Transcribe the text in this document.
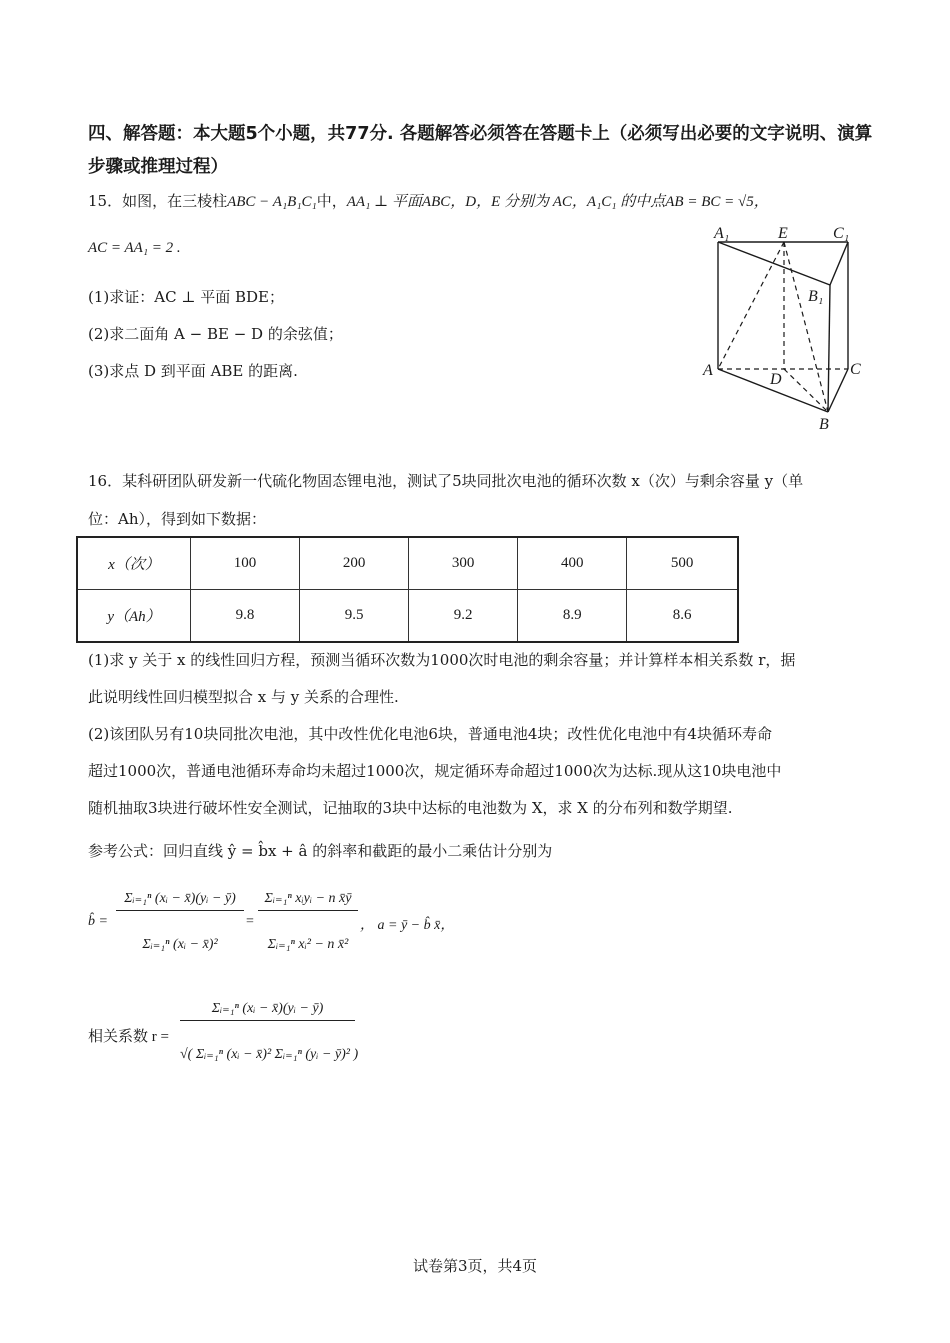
四、解答题：本大题5个小题，共77分. 各题解答必须答在答题卡上（必须写出必要的文字说明、演算步骤或推理过程）
15．如图，在三棱柱ABC − A₁B₁C₁中，AA₁ ⊥ 平面ABC，D，E 分别为 AC，A₁C₁ 的中点AB = BC = √5，
AC = AA₁ = 2 .
(1)求证：AC ⊥ 平面 BDE；
(2)求二面角 A − BE − D 的余弦值；
(3)求点 D 到平面 ABE 的距离.
A₁	E	C₁
B₁
A
D
C
B
16．某科研团队研发新一代硫化物固态锂电池，测试了5块同批次电池的循环次数 x（次）与剩余容量 y（单
位：Ah），得到如下数据：
x（次）	100	200	300	400	500
y（Ah）	9.8	9.5	9.2	8.9	8.6
(1)求 y 关于 x 的线性回归方程，预测当循环次数为1000次时电池的剩余容量；并计算样本相关系数 r，据
此说明线性回归模型拟合 x 与 y 关系的合理性.
(2)该团队另有10块同批次电池，其中改性优化电池6块，普通电池4块；改性优化电池中有4块循环寿命
超过1000次，普通电池循环寿命均未超过1000次，规定循环寿命超过1000次为达标.现从这10块电池中
随机抽取3块进行破坏性安全测试，记抽取的3块中达标的电池数为 X，求 X 的分布列和数学期望.
参考公式：回归直线 ŷ = b̂x + â 的斜率和截距的最小二乘估计分别为
b̂ =
Σᵢ₌₁ⁿ (xᵢ − x̄)(yᵢ − ȳ)
Σᵢ₌₁ⁿ (xᵢ − x̄)²
=
Σᵢ₌₁ⁿ xᵢyᵢ − n x̄ȳ
Σᵢ₌₁ⁿ xᵢ² − n x̄²
， a = ȳ − b̂ x̄，
相关系数 r =
Σᵢ₌₁ⁿ (xᵢ − x̄)(yᵢ − ȳ)
√( Σᵢ₌₁ⁿ (xᵢ − x̄)² Σᵢ₌₁ⁿ (yᵢ − ȳ)² )
试卷第3页，共4页
